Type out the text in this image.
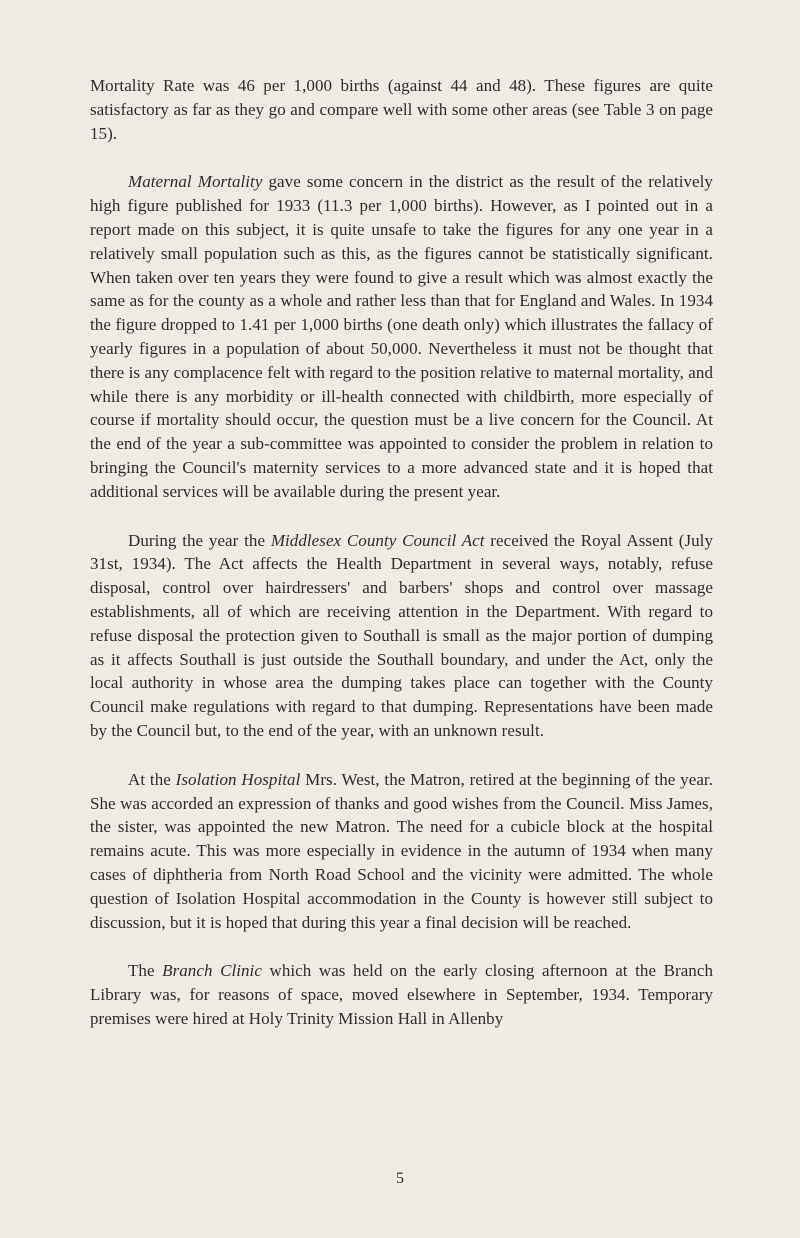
Mortality Rate was 46 per 1,000 births (against 44 and 48). These figures are quite satisfactory as far as they go and compare well with some other areas (see Table 3 on page 15).

Maternal Mortality gave some concern in the district as the result of the relatively high figure published for 1933 (11.3 per 1,000 births). However, as I pointed out in a report made on this subject, it is quite unsafe to take the figures for any one year in a relatively small population such as this, as the figures cannot be statistically significant. When taken over ten years they were found to give a result which was almost exactly the same as for the county as a whole and rather less than that for England and Wales. In 1934 the figure dropped to 1.41 per 1,000 births (one death only) which illustrates the fallacy of yearly figures in a population of about 50,000. Nevertheless it must not be thought that there is any complacence felt with regard to the position relative to maternal mortality, and while there is any morbidity or ill-health connected with childbirth, more especially of course if mortality should occur, the question must be a live concern for the Council. At the end of the year a sub-committee was appointed to consider the problem in relation to bringing the Council's maternity services to a more advanced state and it is hoped that additional services will be available during the present year.

During the year the Middlesex County Council Act received the Royal Assent (July 31st, 1934). The Act affects the Health Department in several ways, notably, refuse disposal, control over hairdressers' and barbers' shops and control over massage establishments, all of which are receiving attention in the Department. With regard to refuse disposal the protection given to Southall is small as the major portion of dumping as it affects Southall is just outside the Southall boundary, and under the Act, only the local authority in whose area the dumping takes place can together with the County Council make regulations with regard to that dumping. Representations have been made by the Council but, to the end of the year, with an unknown result.

At the Isolation Hospital Mrs. West, the Matron, retired at the beginning of the year. She was accorded an expression of thanks and good wishes from the Council. Miss James, the sister, was appointed the new Matron. The need for a cubicle block at the hospital remains acute. This was more especially in evidence in the autumn of 1934 when many cases of diphtheria from North Road School and the vicinity were admitted. The whole question of Isolation Hospital accommodation in the County is however still subject to discussion, but it is hoped that during this year a final decision will be reached.

The Branch Clinic which was held on the early closing afternoon at the Branch Library was, for reasons of space, moved elsewhere in September, 1934. Temporary premises were hired at Holy Trinity Mission Hall in Allenby

5
